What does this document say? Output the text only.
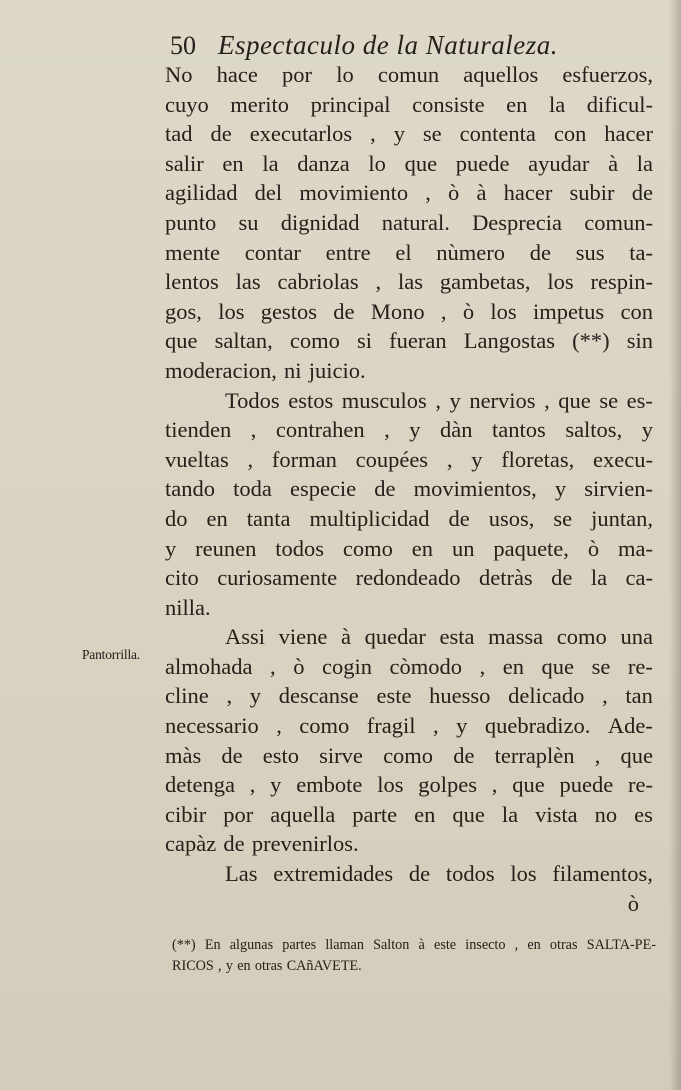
50 Espectaculo de la Naturaleza.
Pantorrilla.
No hace por lo comun aquellos esfuerzos,
cuyo merito principal consiste en la dificul-
tad de executarlos , y se contenta con hacer
salir en la danza lo que puede ayudar à la
agilidad del movimiento , ò à hacer subir de
punto su dignidad natural. Desprecia comun-
mente contar entre el nùmero de sus ta-
lentos las cabriolas , las gambetas, los respin-
gos, los gestos de Mono , ò los impetus con
que saltan, como si fueran Langostas (**) sin
moderacion, ni juicio.
Todos estos musculos , y nervios , que se es-
tienden , contrahen , y dàn tantos saltos, y
vueltas , forman coupées , y floretas, execu-
tando toda especie de movimientos, y sirvien-
do en tanta multiplicidad de usos, se juntan,
y reunen todos como en un paquete, ò ma-
cito curiosamente redondeado detràs de la ca-
nilla.
Assi viene à quedar esta massa como una
almohada , ò cogin còmodo , en que se re-
cline , y descanse este huesso delicado , tan
necessario , como fragil , y quebradizo. Ade-
màs de esto sirve como de terraplèn , que
detenga , y embote los golpes , que puede re-
cibir por aquella parte en que la vista no es
capàz de prevenirlos.
Las extremidades de todos los filamentos,
ò
(**) En algunas partes llaman Salton à este insecto , en otras SALTA-PE-
RICOS , y en otras CAñAVETE.
